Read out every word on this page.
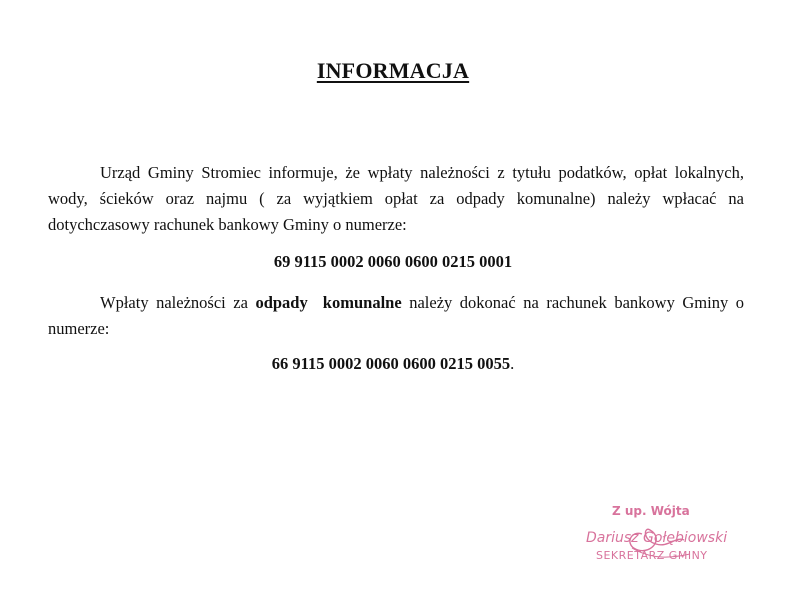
INFORMACJA
Urząd Gminy Stromiec informuje, że wpłaty należności z tytułu podatków, opłat lokalnych, wody, ścieków oraz najmu ( za wyjątkiem opłat za odpady komunalne) należy wpłacać na dotychczasowy rachunek bankowy Gminy o numerze:
69 9115 0002 0060 0600 0215 0001
Wpłaty należności za odpady  komunalne należy dokonać na rachunek bankowy Gminy o numerze:
66 9115 0002 0060 0600 0215 0055.
Z up. Wójta
Dariusz Gołębiowski
SEKRETARZ GMINY
